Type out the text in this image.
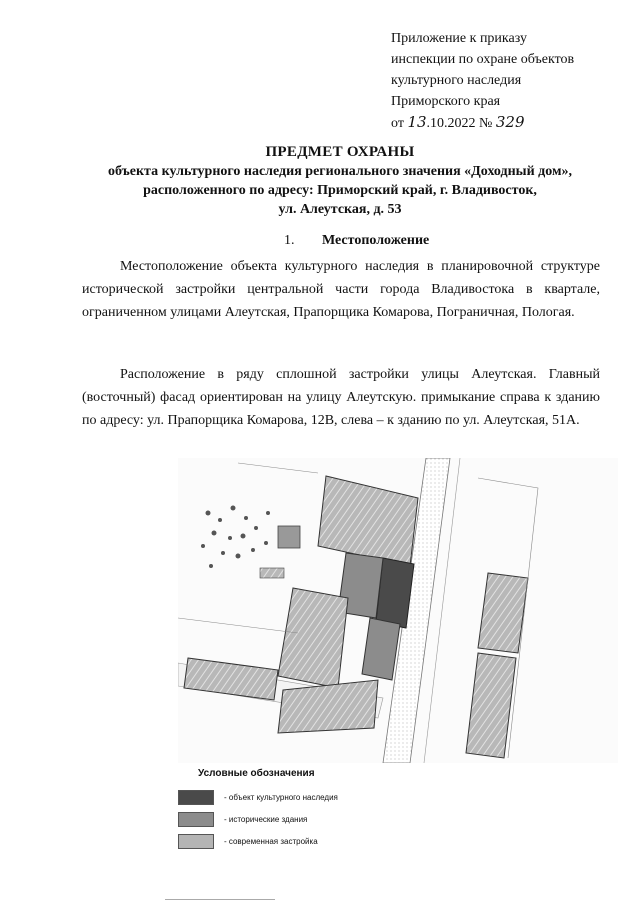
Приложение к приказу
инспекции по охране объектов
культурного наследия
Приморского края
от 13.10.2022 № 329
ПРЕДМЕТ ОХРАНЫ
объекта культурного наследия регионального значения «Доходный дом»,
расположенного по адресу: Приморский край, г. Владивосток,
ул. Алеутская, д. 53
1. Местоположение
Местоположение объекта культурного наследия в планировочной структуре исторической застройки центральной части города Владивостока в квартале, ограниченном улицами Алеутская, Прапорщика Комарова, Пограничная, Пологая.
Расположение в ряду сплошной застройки улицы Алеутская. Главный (восточный) фасад ориентирован на улицу Алеутскую. примыкание справа к зданию по адресу: ул. Прапорщика Комарова, 12В, слева – к зданию по ул. Алеутская, 51А.
Условные обозначения
- объект культурного наследия
- исторические здания
- современная застройка
